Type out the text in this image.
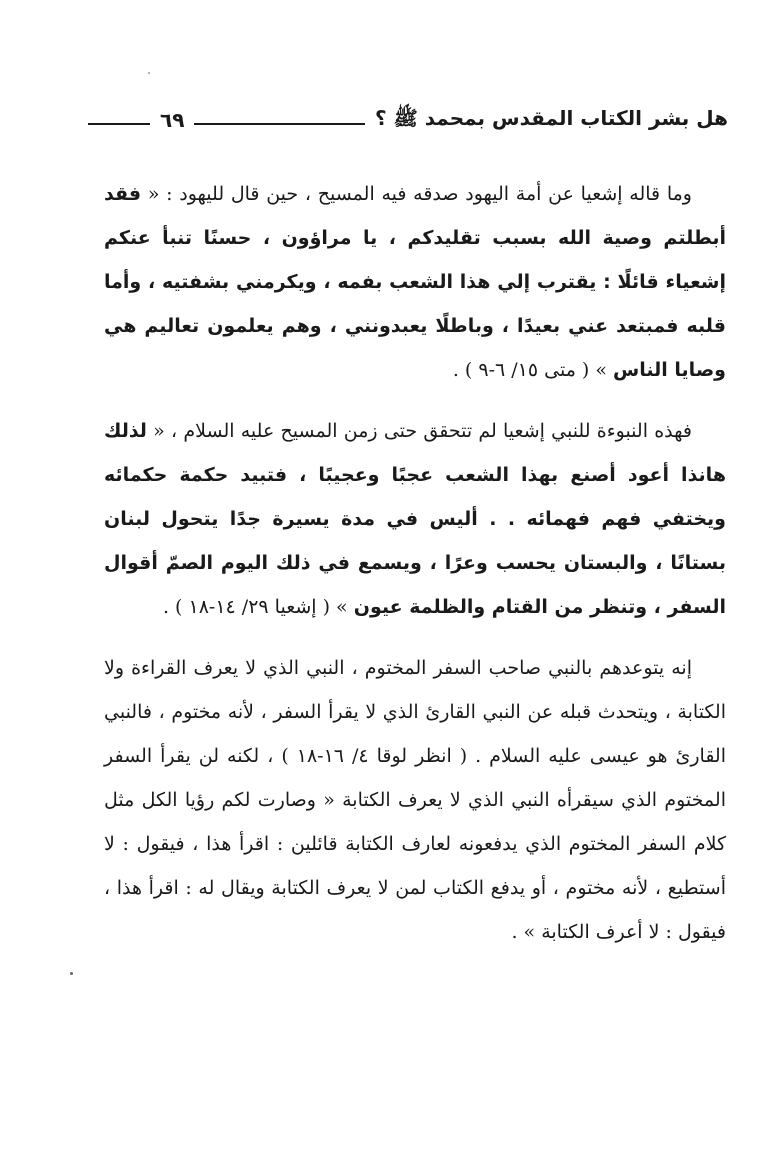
هل بشر الكتاب المقدس بمحمد ﷺ ؟
٦٩

وما قاله إشعيا عن أمة اليهود صدقه فيه المسيح ، حين قال لليهود : « فقد أبطلتم وصية الله بسبب تقليدكم ، يا مراؤون ، حسنًا تنبأ عنكم إشعياء قائلًا : يقترب إلي هذا الشعب بفمه ، ويكرمني بشفتيه ، وأما قلبه فمبتعد عني بعيدًا ، وباطلًا يعبدونني ، وهم يعلمون تعاليم هي وصايا الناس » ( متى ١٥/ ٦-٩ ) .

فهذه النبوءة للنبي إشعيا لم تتحقق حتى زمن المسيح عليه السلام ، « لذلك هانذا أعود أصنع بهذا الشعب عجبًا وعجيبًا ، فتبيد حكمة حكمائه ويختفي فهم فهمائه . . أليس في مدة يسيرة جدًا يتحول لبنان بستانًا ، والبستان يحسب وعرًا ، ويسمع في ذلك اليوم الصمّ أقوال السفر ، وتنظر من القتام والظلمة عيون » ( إشعيا ٢٩/ ١٤-١٨ ) .

إنه يتوعدهم بالنبي صاحب السفر المختوم ، النبي الذي لا يعرف القراءة ولا الكتابة ، ويتحدث قبله عن النبي القارئ الذي لا يقرأ السفر ، لأنه مختوم ، فالنبي القارئ هو عيسى عليه السلام . ( انظر لوقا ٤/ ١٦-١٨ ) ، لكنه لن يقرأ السفر المختوم الذي سيقرأه النبي الذي لا يعرف الكتابة « وصارت لكم رؤيا الكل مثل كلام السفر المختوم الذي يدفعونه لعارف الكتابة قائلين : اقرأ هذا ، فيقول : لا أستطيع ، لأنه مختوم ، أو يدفع الكتاب لمن لا يعرف الكتابة ويقال له : اقرأ هذا ، فيقول : لا أعرف الكتابة » .
